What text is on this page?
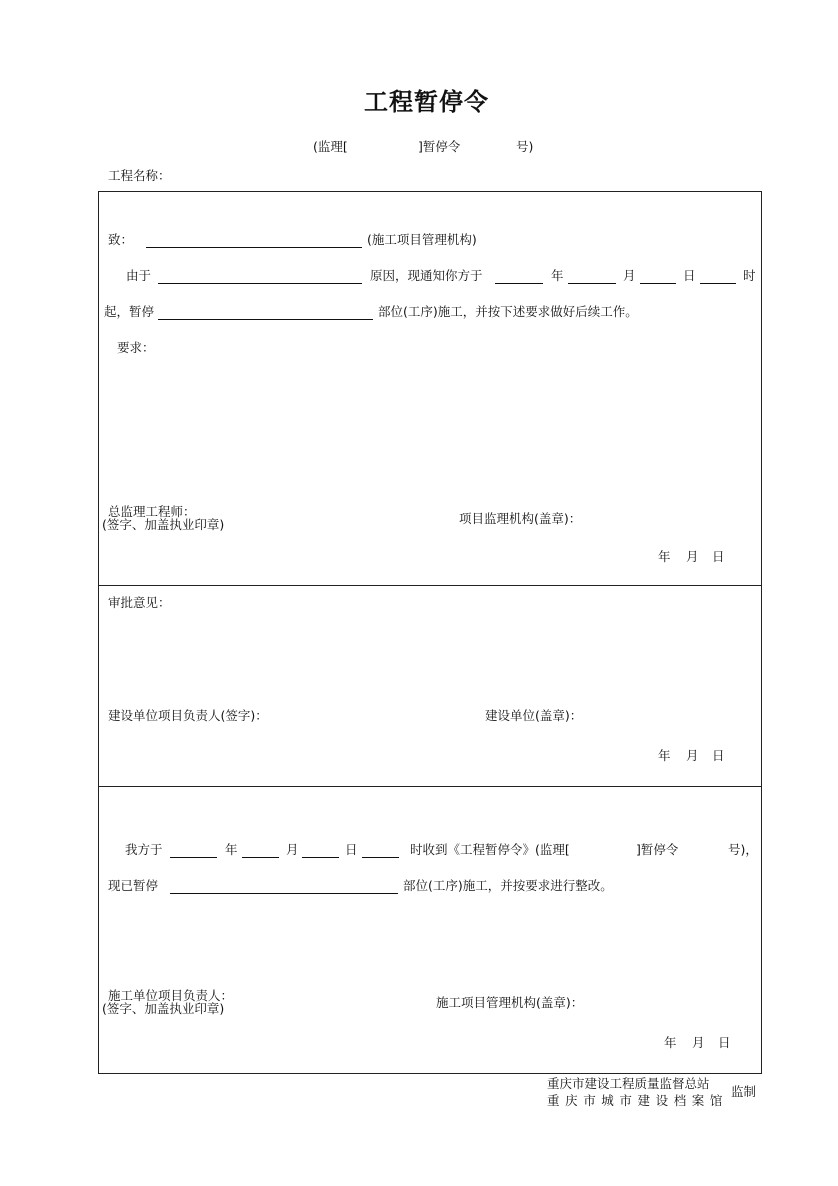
工程暂停令
(监理[	]暂停令	号)
工程名称：
致：	(施工项目管理机构)
由于	原因，现通知你方于	年	月	日	时
起，暂停	部位(工序)施工，并按下述要求做好后续工作。
要求：
总监理工程师：
(签字、加盖执业印章)	项目监理机构(盖章)：
年 月 日
审批意见：
建设单位项目负责人(签字)：	建设单位(盖章)：
年 月 日
我方于	年	月	日	时收到《工程暂停令》(监理[	]暂停令	号)，
现已暂停	部位(工序)施工，并按要求进行整改。
施工单位项目负责人：
(签字、加盖执业印章)	施工项目管理机构(盖章)：
年 月 日
重庆市建设工程质量监督总站
重庆市城市建设档案馆
监制
